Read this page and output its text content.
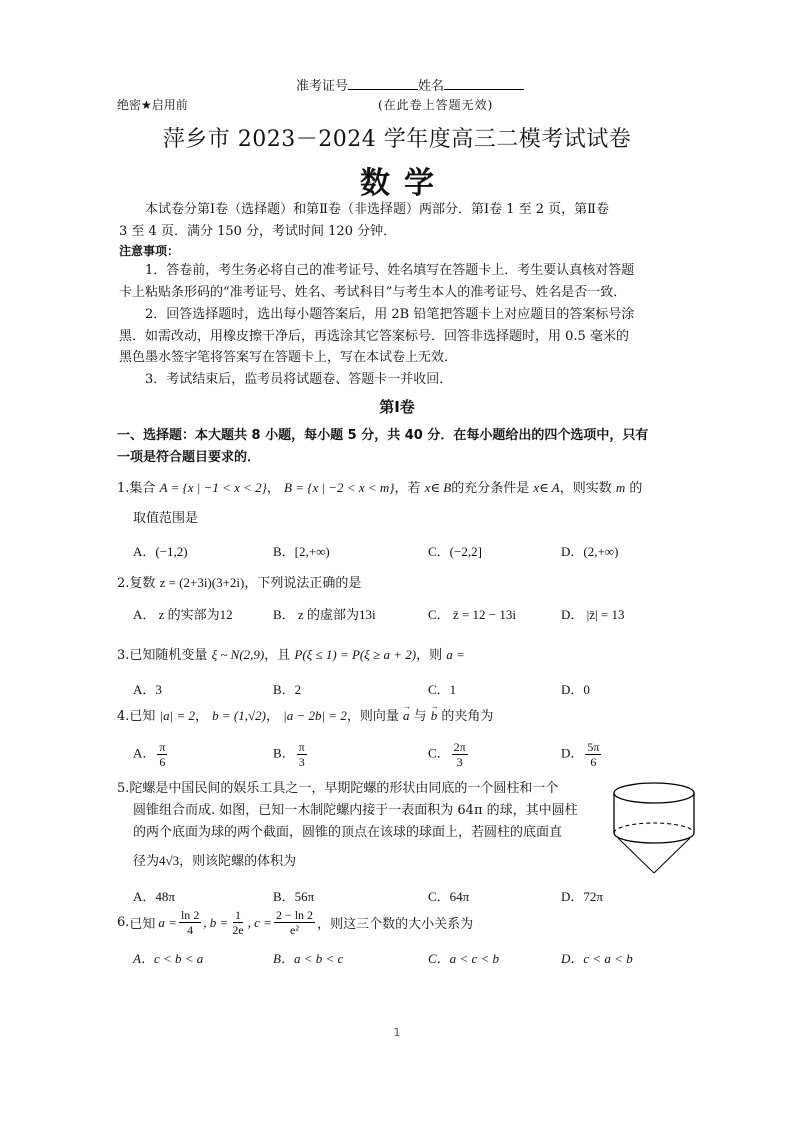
准考证号	姓名
绝密★启用前	(在此卷上答题无效)
萍乡市 2023－2024 学年度高三二模考试试卷
数学
本试卷分第Ⅰ卷（选择题）和第Ⅱ卷（非选择题）两部分．第Ⅰ卷 1 至 2 页，第Ⅱ卷
3 至 4 页．满分 150 分，考试时间 120 分钟．
注意事项：
1．答卷前，考生务必将自己的准考证号、姓名填写在答题卡上．考生要认真核对答题
卡上粘贴条形码的“准考证号、姓名、考试科目”与考生本人的准考证号、姓名是否一致．
2．回答选择题时，选出每小题答案后，用 2B 铅笔把答题卡上对应题目的答案标号涂
黑．如需改动，用橡皮擦干净后，再选涂其它答案标号．回答非选择题时，用 0.5 毫米的
黑色墨水签字笔将答案写在答题卡上，写在本试卷上无效．
3．考试结束后，监考员将试题卷、答题卡一并收回．
第Ⅰ卷
一、选择题：本大题共 8 小题，每小题 5 分，共 40 分．在每小题给出的四个选项中，只有
一项是符合题目要求的．
1.集合 A = {x | −1 < x < 2}， B = {x | −2 < x < m}，若 x∈ B的充分条件是 x∈ A，则实数 m 的
取值范围是
A．(−1,2)	B．[2,+∞)	C．(−2,2]	D．(2,+∞)
2.复数 z = (2+3i)(3+2i)，下列说法正确的是
A． z 的实部为12	B． z 的虚部为13i	C． z̄ = 12 − 13i	D． |z̄| = 13
3.已知随机变量 ξ ~ N(2,9)，且 P(ξ ≤ 1) = P(ξ ≥ a + 2)，则 a =
A．3	B．2	C．1	D．0
4.已知 |a| = 2， b = (1,√2)， |a − 2b| = 2，则向量 → a 与 → b 的夹角为
A． $\frac{\pi}{6}$	B． $\frac{\pi}{3}$	C． $\frac{2\pi}{3}$	D． $\frac{5\pi}{6}$
5.陀螺是中国民间的娱乐工具之一，早期陀螺的形状由同底的一个圆柱和一个
圆锥组合而成. 如图，已知一木制陀螺内接于一表面积为 64π 的球，其中圆柱
的两个底面为球的两个截面，圆锥的顶点在该球的球面上，若圆柱的底面直
径为4√3，则该陀螺的体积为
A．48π	B．56π	C．64π	D．72π
6. 已知 $a = \frac{\ln 2}{4}$ , $b = \frac{1}{2e}$ , $c = \frac{2 - \ln 2}{\text{e²}}$ ，则这三个数的大小关系为
A．c < b < a	B．a < b < c	C．a < c < b	D．c < a < b
1
